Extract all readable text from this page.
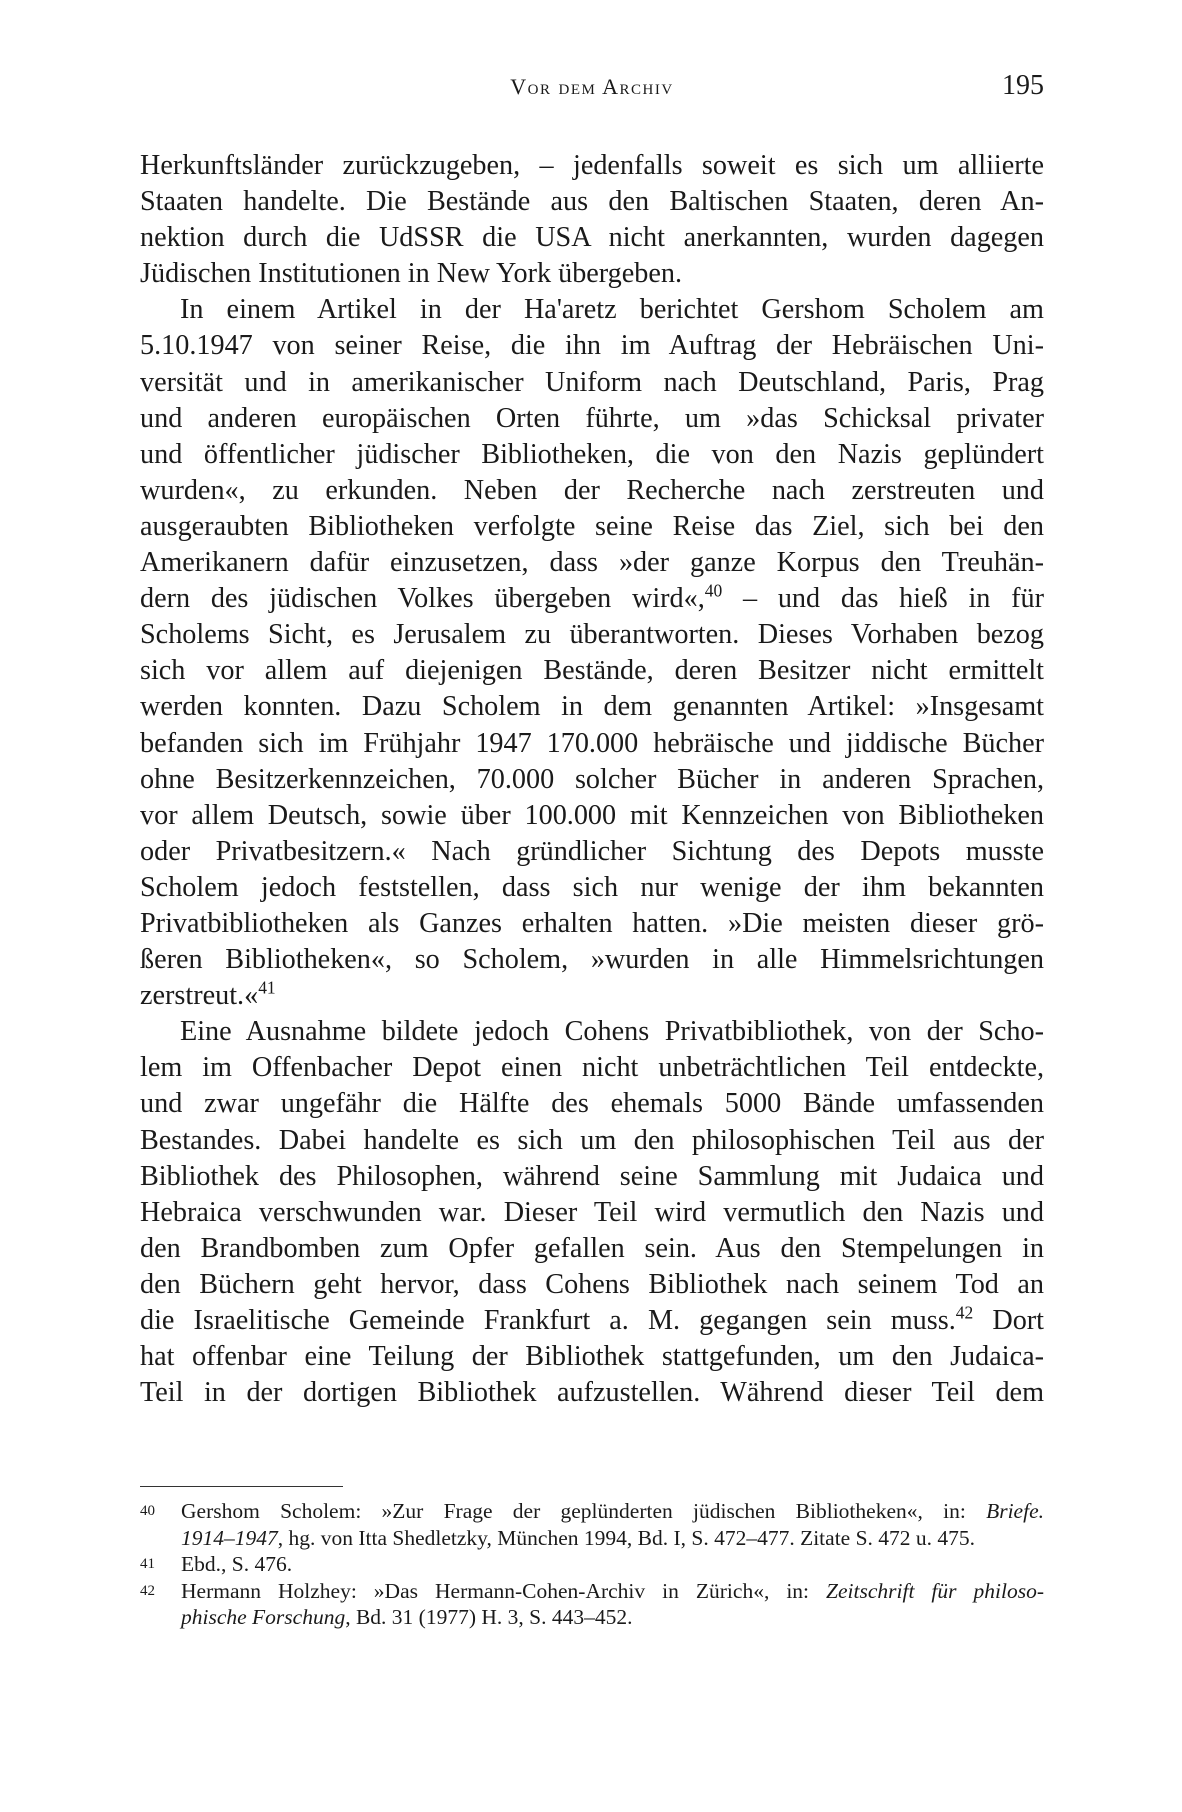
Vor dem Archiv	195
Herkunftsländer zurückzugeben, – jedenfalls soweit es sich um alliierte
Staaten handelte. Die Bestände aus den Baltischen Staaten, deren An-
nektion durch die UdSSR die USA nicht anerkannten, wurden dagegen
Jüdischen Institutionen in New York übergeben.
In einem Artikel in der Ha'aretz berichtet Gershom Scholem am
5.10.1947 von seiner Reise, die ihn im Auftrag der Hebräischen Uni-
versität und in amerikanischer Uniform nach Deutschland, Paris, Prag
und anderen europäischen Orten führte, um »das Schicksal privater
und öffentlicher jüdischer Bibliotheken, die von den Nazis geplündert
wurden«, zu erkunden. Neben der Recherche nach zerstreuten und
ausgeraubten Bibliotheken verfolgte seine Reise das Ziel, sich bei den
Amerikanern dafür einzusetzen, dass »der ganze Korpus den Treuhän-
dern des jüdischen Volkes übergeben wird«,$^{40}$ – und das hieß in für
Scholems Sicht, es Jerusalem zu überantworten. Dieses Vorhaben bezog
sich vor allem auf diejenigen Bestände, deren Besitzer nicht ermittelt
werden konnten. Dazu Scholem in dem genannten Artikel: »Insgesamt
befanden sich im Frühjahr 1947 170.000 hebräische und jiddische Bücher
ohne Besitzerkennzeichen, 70.000 solcher Bücher in anderen Sprachen,
vor allem Deutsch, sowie über 100.000 mit Kennzeichen von Bibliotheken
oder Privatbesitzern.« Nach gründlicher Sichtung des Depots musste
Scholem jedoch feststellen, dass sich nur wenige der ihm bekannten
Privatbibliotheken als Ganzes erhalten hatten. »Die meisten dieser grö-
ßeren Bibliotheken«, so Scholem, »wurden in alle Himmelsrichtungen
zerstreut.«$^{41}$
Eine Ausnahme bildete jedoch Cohens Privatbibliothek, von der Scho-
lem im Offenbacher Depot einen nicht unbeträchtlichen Teil entdeckte,
und zwar ungefähr die Hälfte des ehemals 5000 Bände umfassenden
Bestandes. Dabei handelte es sich um den philosophischen Teil aus der
Bibliothek des Philosophen, während seine Sammlung mit Judaica und
Hebraica verschwunden war. Dieser Teil wird vermutlich den Nazis und
den Brandbomben zum Opfer gefallen sein. Aus den Stempelungen in
den Büchern geht hervor, dass Cohens Bibliothek nach seinem Tod an
die Israelitische Gemeinde Frankfurt a. M. gegangen sein muss.$^{42}$ Dort
hat offenbar eine Teilung der Bibliothek stattgefunden, um den Judaica-
Teil in der dortigen Bibliothek aufzustellen. Während dieser Teil dem
40 Gershom Scholem: »Zur Frage der geplünderten jüdischen Bibliotheken«, in: Briefe.
1914–1947, hg. von Itta Shedletzky, München 1994, Bd. I, S. 472–477. Zitate S. 472 u. 475.
41 Ebd., S. 476.
42 Hermann Holzhey: »Das Hermann-Cohen-Archiv in Zürich«, in: Zeitschrift für philoso-
phische Forschung, Bd. 31 (1977) H. 3, S. 443–452.
